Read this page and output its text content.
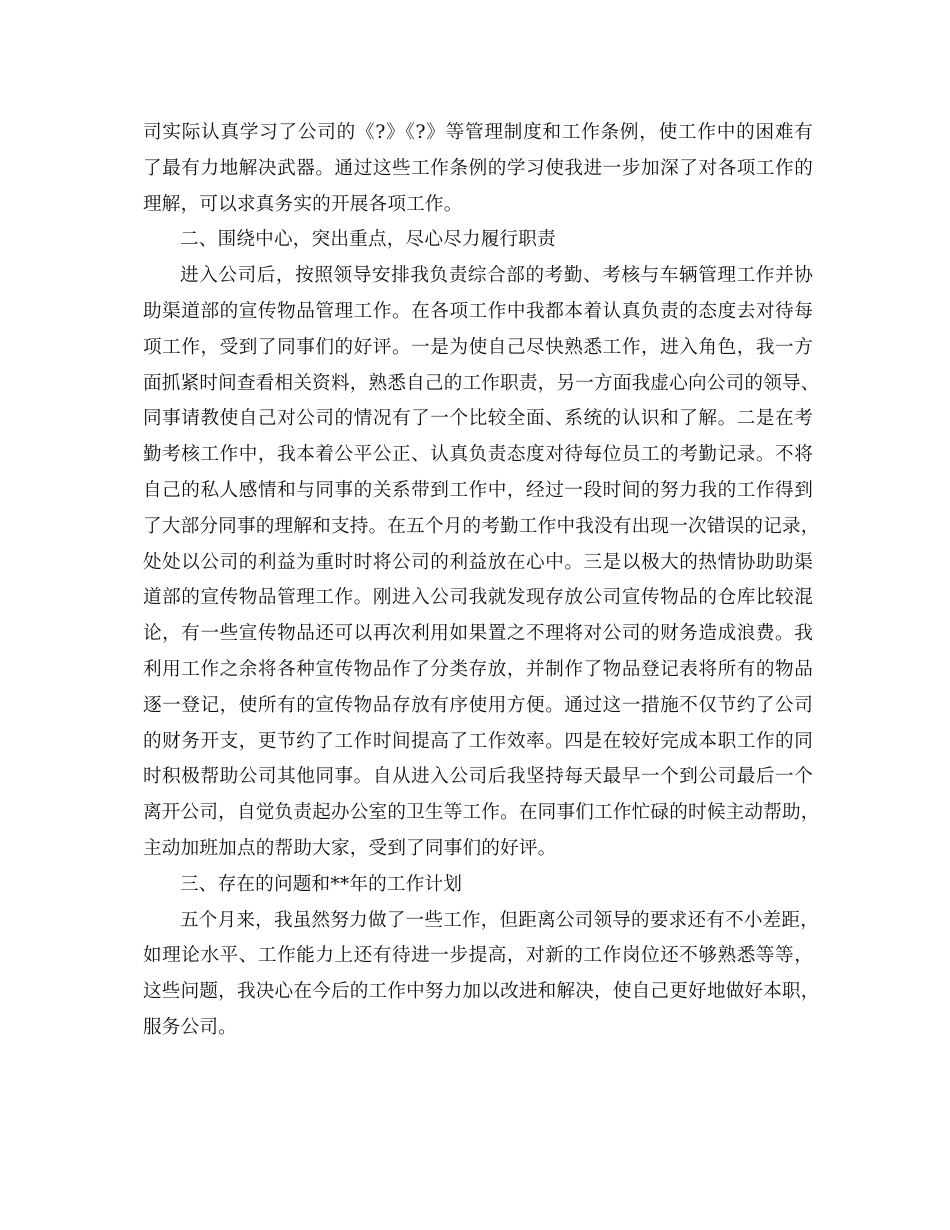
司实际认真学习了公司的《?》《?》等管理制度和工作条例，使工作中的困难有
了最有力地解决武器。通过这些工作条例的学习使我进一步加深了对各项工作的
理解，可以求真务实的开展各项工作。
二、围绕中心，突出重点，尽心尽力履行职责
进入公司后，按照领导安排我负责综合部的考勤、考核与车辆管理工作并协
助渠道部的宣传物品管理工作。在各项工作中我都本着认真负责的态度去对待每
项工作，受到了同事们的好评。一是为使自己尽快熟悉工作，进入角色，我一方
面抓紧时间查看相关资料，熟悉自己的工作职责，另一方面我虚心向公司的领导、
同事请教使自己对公司的情况有了一个比较全面、系统的认识和了解。二是在考
勤考核工作中，我本着公平公正、认真负责态度对待每位员工的考勤记录。不将
自己的私人感情和与同事的关系带到工作中，经过一段时间的努力我的工作得到
了大部分同事的理解和支持。在五个月的考勤工作中我没有出现一次错误的记录，
处处以公司的利益为重时时将公司的利益放在心中。三是以极大的热情协助助渠
道部的宣传物品管理工作。刚进入公司我就发现存放公司宣传物品的仓库比较混
论，有一些宣传物品还可以再次利用如果置之不理将对公司的财务造成浪费。我
利用工作之余将各种宣传物品作了分类存放，并制作了物品登记表将所有的物品
逐一登记，使所有的宣传物品存放有序使用方便。通过这一措施不仅节约了公司
的财务开支，更节约了工作时间提高了工作效率。四是在较好完成本职工作的同
时积极帮助公司其他同事。自从进入公司后我坚持每天最早一个到公司最后一个
离开公司，自觉负责起办公室的卫生等工作。在同事们工作忙碌的时候主动帮助，
主动加班加点的帮助大家，受到了同事们的好评。
三、存在的问题和**年的工作计划
五个月来，我虽然努力做了一些工作，但距离公司领导的要求还有不小差距，
如理论水平、工作能力上还有待进一步提高，对新的工作岗位还不够熟悉等等，
这些问题，我决心在今后的工作中努力加以改进和解决，使自己更好地做好本职，
服务公司。
